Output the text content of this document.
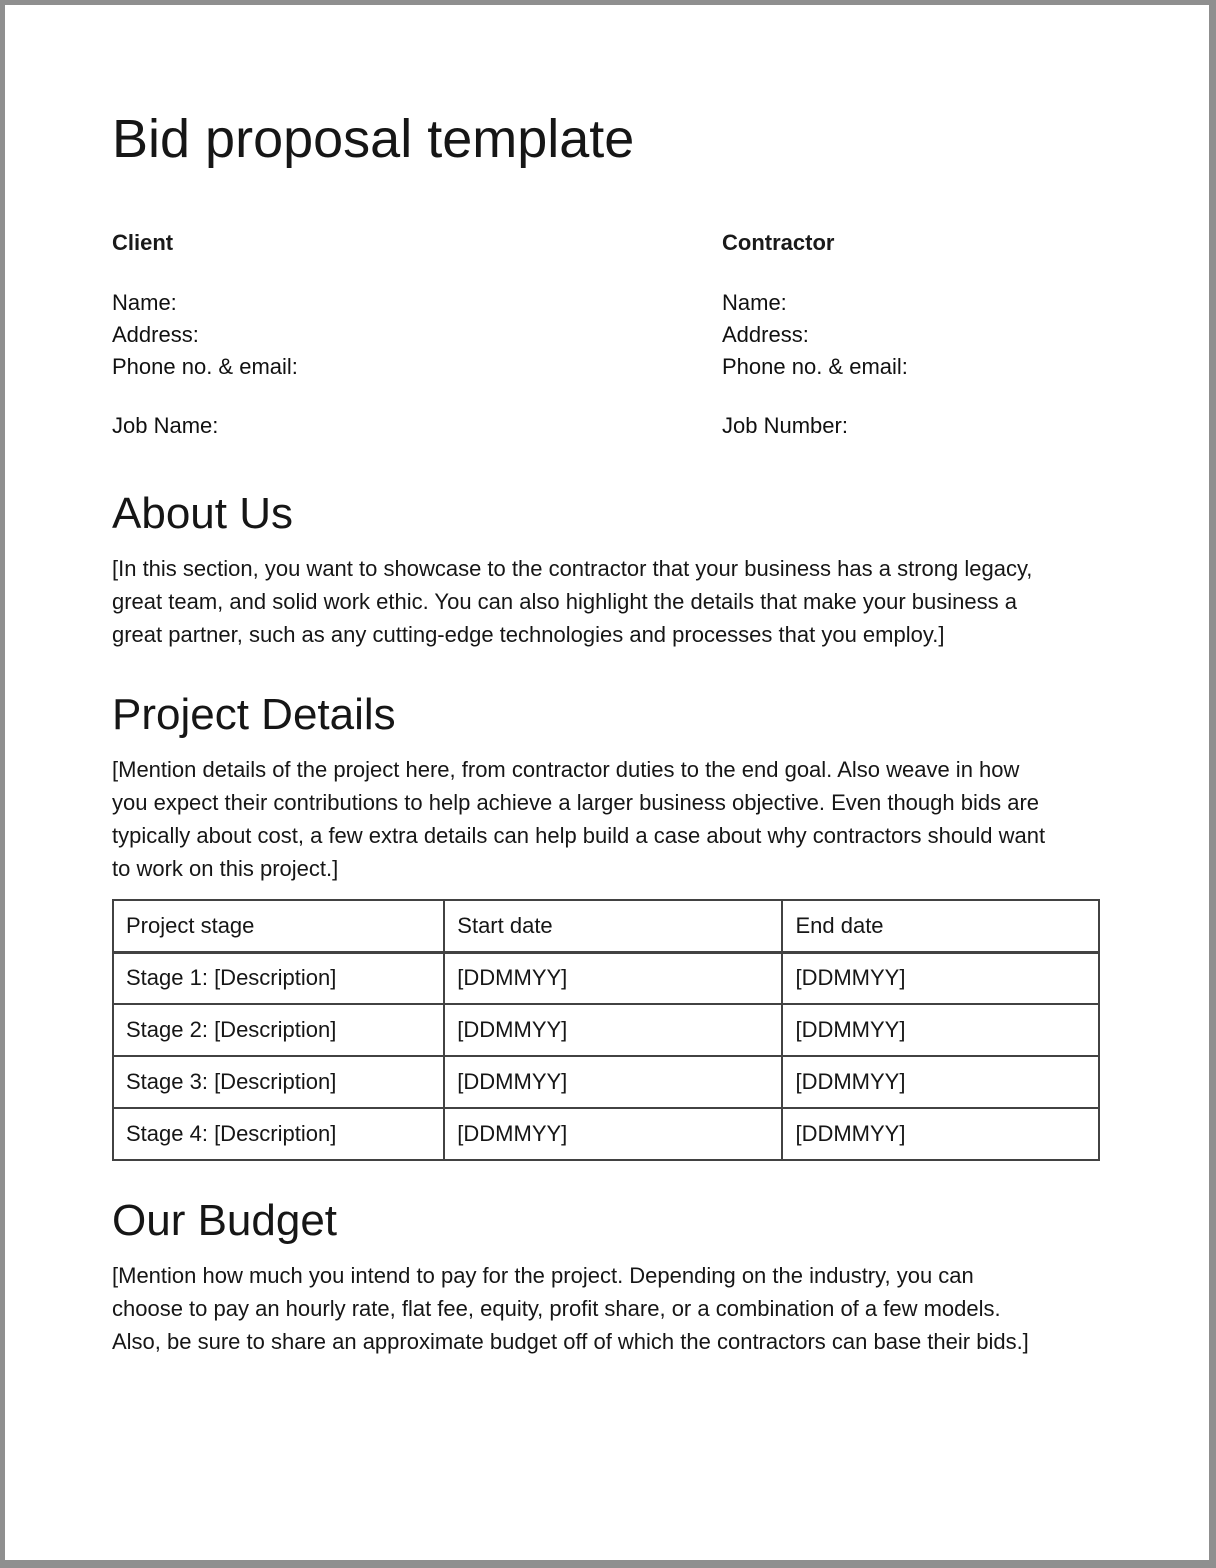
Bid proposal template

Client

Name:

Address:

Phone no. & email:

Job Name:

Contractor

Name:

Address:

Phone no. & email:

Job Number:

About Us

[In this section, you want to showcase to the contractor that your business has a strong legacy, great team, and solid work ethic. You can also highlight the details that make your business a great partner, such as any cutting-edge technologies and processes that you employ.]

Project Details

[Mention details of the project here, from contractor duties to the end goal. Also weave in how you expect their contributions to help achieve a larger business objective. Even though bids are typically about cost, a few extra details can help build a case about why contractors should want to work on this project.]

Project stage	Start date	End date
Stage 1: [Description]	[DDMMYY]	[DDMMYY]
Stage 2: [Description]	[DDMMYY]	[DDMMYY]
Stage 3: [Description]	[DDMMYY]	[DDMMYY]
Stage 4: [Description]	[DDMMYY]	[DDMMYY]
Our Budget

[Mention how much you intend to pay for the project. Depending on the industry, you can choose to pay an hourly rate, flat fee, equity, profit share, or a combination of a few models. Also, be sure to share an approximate budget off of which the contractors can base their bids.]
